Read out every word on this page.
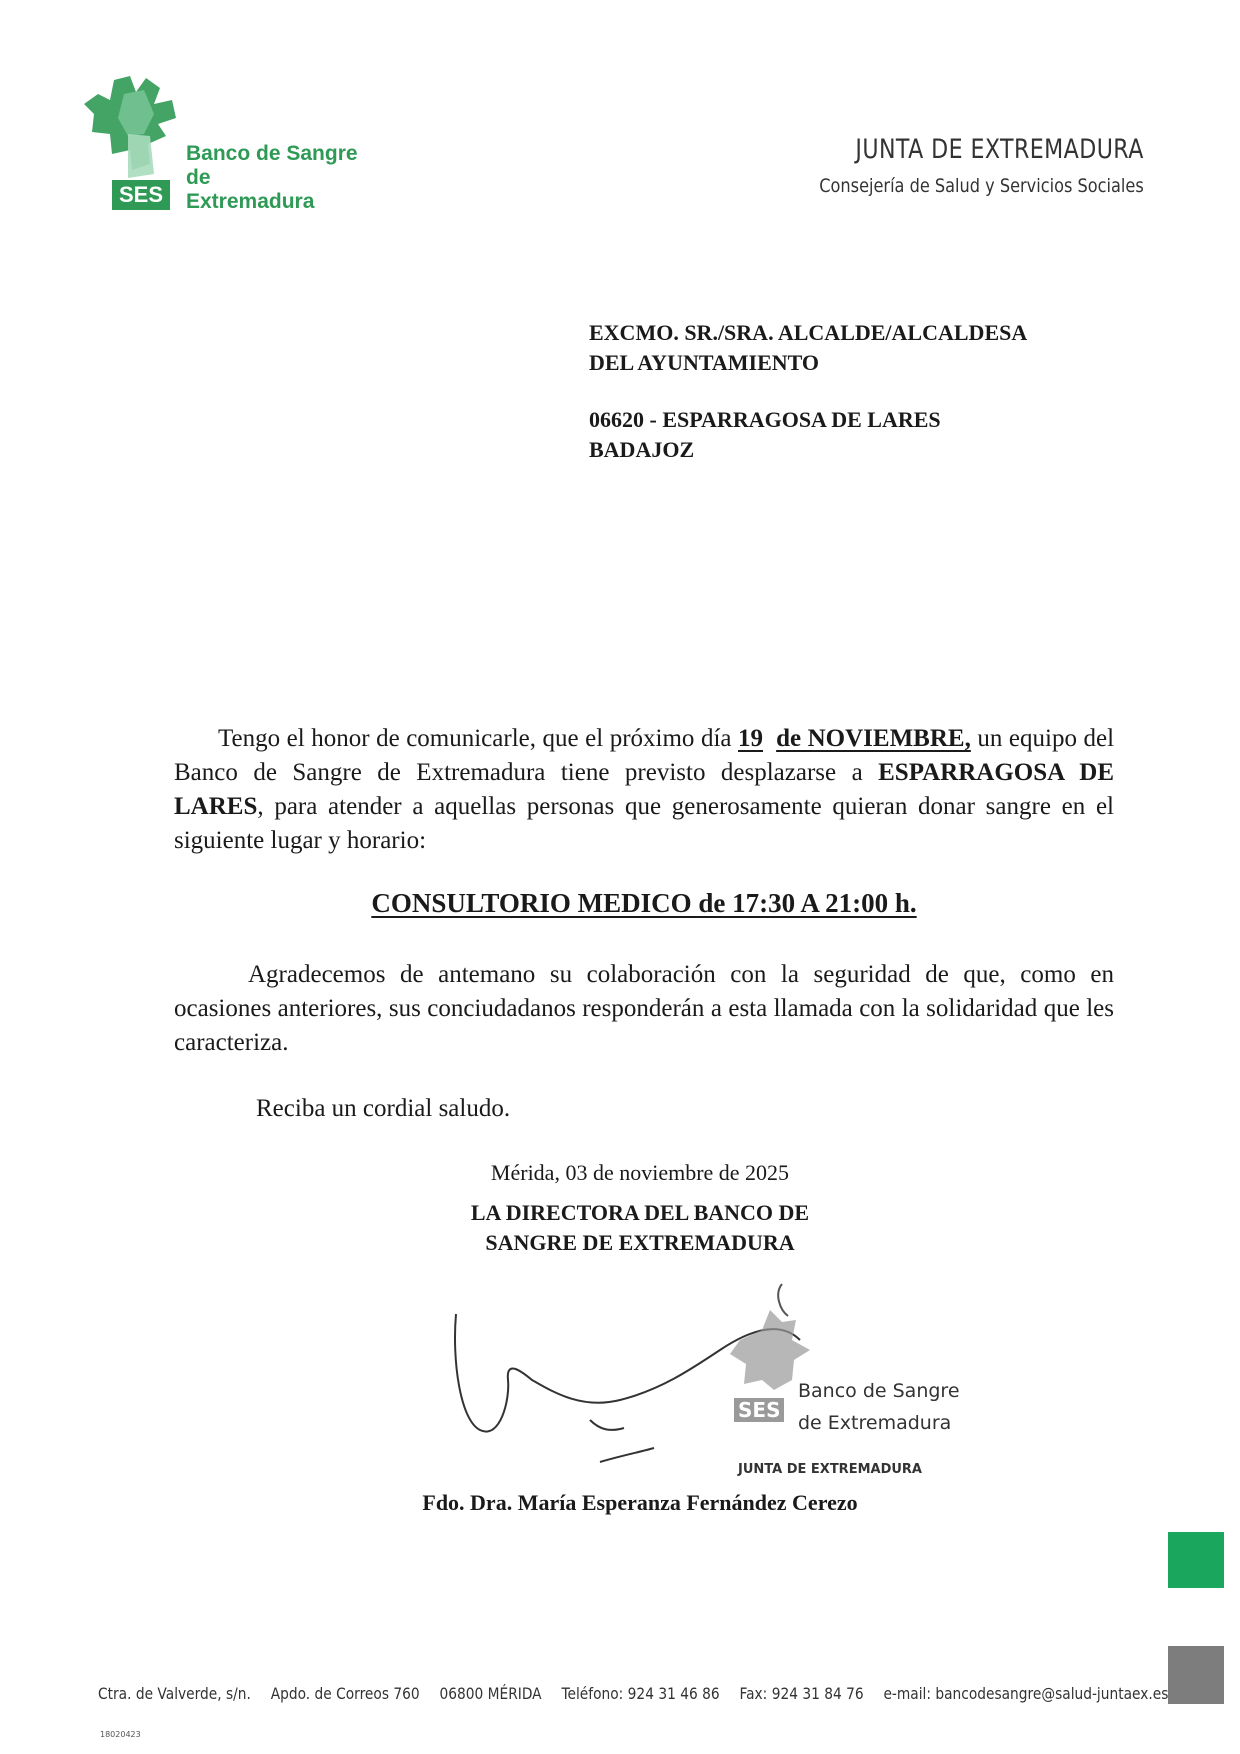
Banco de Sangre
de
Extremadura
SES
JUNTA DE EXTREMADURA
Consejería de Salud y Servicios Sociales
EXCMO. SR./SRA. ALCALDE/ALCALDESA
DEL AYUNTAMIENTO
06620 - ESPARRAGOSA DE LARES
BADAJOZ
Tengo el honor de comunicarle, que el próximo día 19 de NOVIEMBRE, un equipo del Banco de Sangre de Extremadura tiene previsto desplazarse a ESPARRAGOSA DE LARES, para atender a aquellas personas que generosamente quieran donar sangre en el siguiente lugar y horario:
CONSULTORIO MEDICO de 17:30 A 21:00 h.
Agradecemos de antemano su colaboración con la seguridad de que, como en ocasiones anteriores, sus conciudadanos responderán a esta llamada con la solidaridad que les caracteriza.
Reciba un cordial saludo.
Mérida, 03 de noviembre de 2025
LA DIRECTORA DEL BANCO DE
SANGRE DE EXTREMADURA
SES
Banco de Sangre
de Extremadura
JUNTA DE EXTREMADURA
Fdo. Dra. María Esperanza Fernández Cerezo
Ctra. de Valverde, s/n. Apdo. de Correos 760 06800 MÉRIDA Teléfono: 924 31 46 86 Fax: 924 31 84 76 e-mail: bancodesangre@salud-juntaex.es
18020423
